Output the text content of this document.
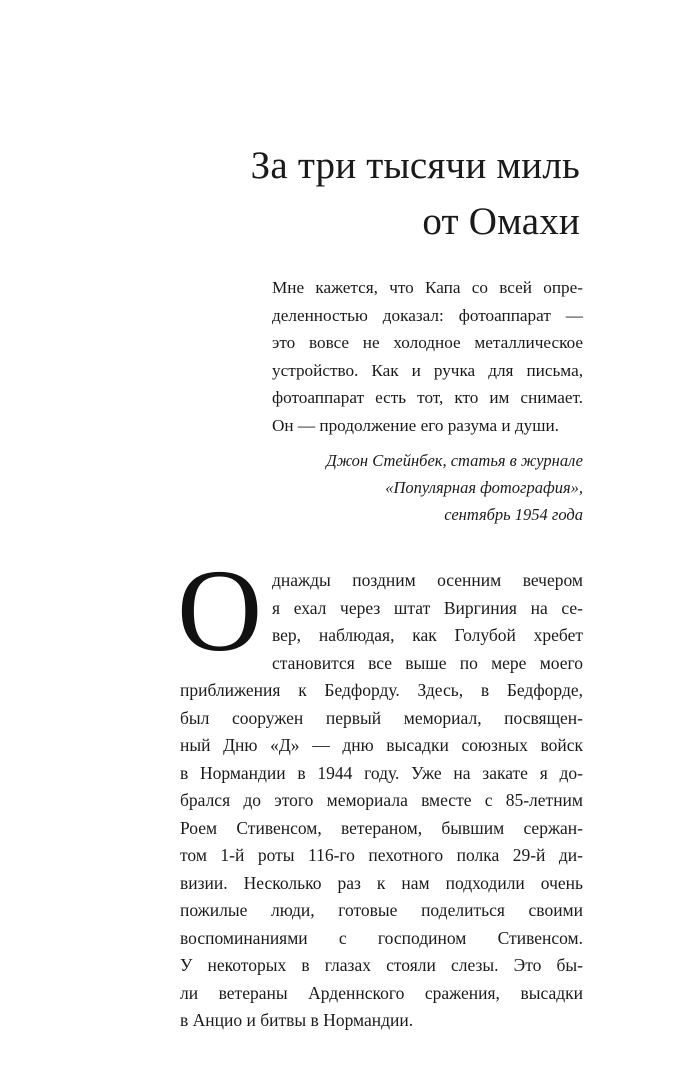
За три тысячи миль
от Омахи
Мне кажется, что Капа со всей опре-
деленностью доказал: фотоаппарат —
это вовсе не холодное металлическое
устройство. Как и ручка для письма,
фотоаппарат есть тот, кто им снимает.
Он — продолжение его разума и души.
Джон Стейнбек, статья в журнале
«Популярная фотография»,
сентябрь 1954 года
О днажды поздним осенним вечером
я ехал через штат Виргиния на се-
вер, наблюдая, как Голубой хребет
становится все выше по мере моего
приближения к Бедфорду. Здесь, в Бедфорде,
был сооружен первый мемориал, посвящен-
ный Дню «Д» — дню высадки союзных войск
в Нормандии в 1944 году. Уже на закате я до-
брался до этого мемориала вместе с 85-летним
Роем Стивенсом, ветераном, бывшим сержан-
том 1-й роты 116-го пехотного полка 29-й ди-
визии. Несколько раз к нам подходили очень
пожилые люди, готовые поделиться своими
воспоминаниями с господином Стивенсом.
У некоторых в глазах стояли слезы. Это бы-
ли ветераны Арденнского сражения, высадки
в Анцио и битвы в Нормандии.
